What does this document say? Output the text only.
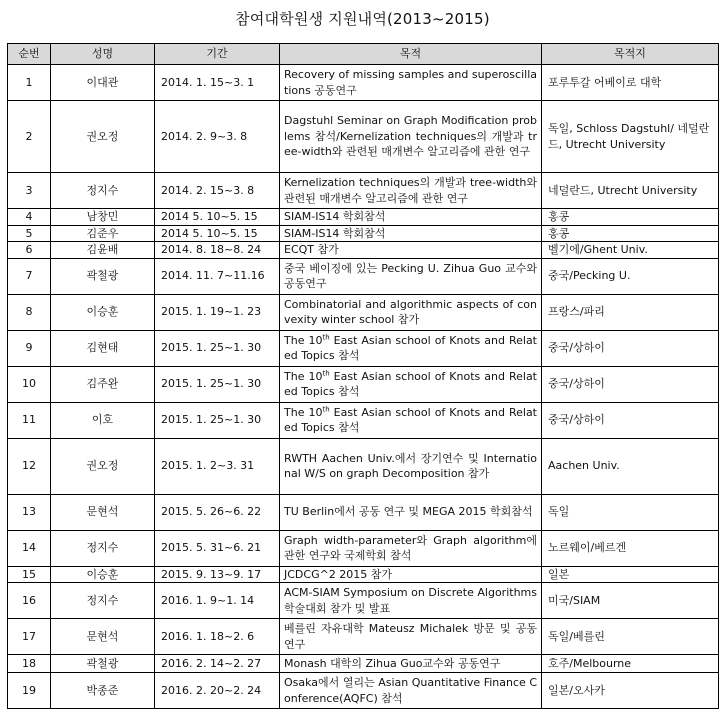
참여대학원생 지원내역(2013~2015)
순번	성명	기간	목적	목적지
1	이대관	2014. 1. 15~3. 1	Recovery of missing samples and superoscillations 공동연구	포루투갈 어베이로 대학
2	권오정	2014. 2. 9~3. 8	Dagstuhl Seminar on Graph Modification problems 참석/Kernelization techniques의 개발과 tree-width와 관련된 매개변수 알고리즘에 관한 연구	독일, Schloss Dagstuhl/ 네덜란드, Utrecht University
3	정지수	2014. 2. 15~3. 8	Kernelization techniques의 개발과 tree-width와 관련된 매개변수 알고리즘에 관한 연구	네덜란드, Utrecht University
4	남창민	2014 5. 10~5. 15	SIAM-IS14 학회참석	홍콩
5	김준우	2014 5. 10~5. 15	SIAM-IS14 학회참석	홍콩
6	김윤배	2014. 8. 18~8. 24	ECQT 참가	벨기에/Ghent Univ.
7	곽철광	2014. 11. 7~11.16	중국 베이징에 있는 Pecking U. Zihua Guo 교수와 공동연구	중국/Pecking U.
8	이승훈	2015. 1. 19~1. 23	Combinatorial and algorithmic aspects of convexity winter school 참가	프랑스/파리
9	김현태	2015. 1. 25~1. 30	The 10th East Asian school of Knots and Related Topics 참석	중국/상하이
10	김주완	2015. 1. 25~1. 30	The 10th East Asian school of Knots and Related Topics 참석	중국/상하이
11	이호	2015. 1. 25~1. 30	The 10th East Asian school of Knots and Related Topics 참석	중국/상하이
12	권오정	2015. 1. 2~3. 31	RWTH Aachen Univ.에서 장기연수 및 International W/S on graph Decomposition 참가	Aachen Univ.
13	문현석	2015. 5. 26~6. 22	TU Berlin에서 공동 연구 및 MEGA 2015 학회참석	독일
14	정지수	2015. 5. 31~6. 21	Graph width-parameter와 Graph algorithm에 관한 연구와 국제학회 참석	노르웨이/베르겐
15	이승훈	2015. 9. 13~9. 17	JCDCG^2 2015 참가	일본
16	정지수	2016. 1. 9~1. 14	ACM-SIAM Symposium on Discrete Algorithms 학술대회 참가 및 발표	미국/SIAM
17	문현석	2016. 1. 18~2. 6	베를린 자유대학 Mateusz Michalek 방문 및 공동연구	독일/베를린
18	곽철광	2016. 2. 14~2. 27	Monash 대학의 Zihua Guo교수와 공동연구	호주/Melbourne
19	박종준	2016. 2. 20~2. 24	Osaka에서 열리는 Asian Quantitative Finance Conference(AQFC) 참석	일본/오사카
